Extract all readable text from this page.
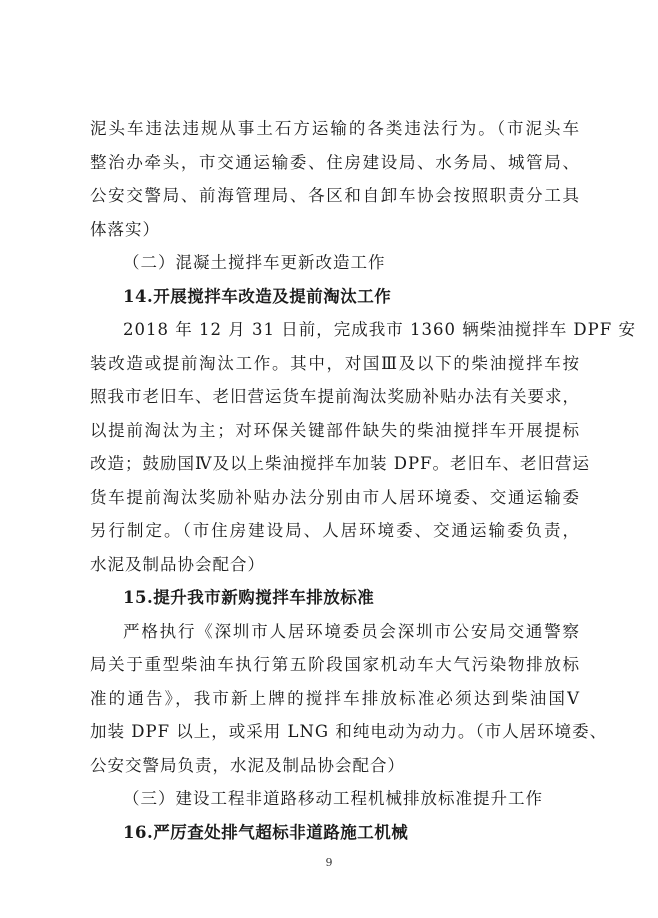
泥头车违法违规从事土石方运输的各类违法行为。（市泥头车
整治办牵头，市交通运输委、住房建设局、水务局、城管局、
公安交警局、前海管理局、各区和自卸车协会按照职责分工具
体落实）
（二）混凝土搅拌车更新改造工作
14.开展搅拌车改造及提前淘汰工作
2018 年 12 月 31 日前，完成我市 1360 辆柴油搅拌车 DPF 安
装改造或提前淘汰工作。其中，对国Ⅲ及以下的柴油搅拌车按
照我市老旧车、老旧营运货车提前淘汰奖励补贴办法有关要求，
以提前淘汰为主；对环保关键部件缺失的柴油搅拌车开展提标
改造；鼓励国Ⅳ及以上柴油搅拌车加装 DPF。老旧车、老旧营运
货车提前淘汰奖励补贴办法分别由市人居环境委、交通运输委
另行制定。（市住房建设局、人居环境委、交通运输委负责，
水泥及制品协会配合）
15.提升我市新购搅拌车排放标准
严格执行《深圳市人居环境委员会深圳市公安局交通警察
局关于重型柴油车执行第五阶段国家机动车大气污染物排放标
准的通告》，我市新上牌的搅拌车排放标准必须达到柴油国Ⅴ
加装 DPF 以上，或采用 LNG 和纯电动为动力。（市人居环境委、
公安交警局负责，水泥及制品协会配合）
（三）建设工程非道路移动工程机械排放标准提升工作
16.严厉查处排气超标非道路施工机械
9
